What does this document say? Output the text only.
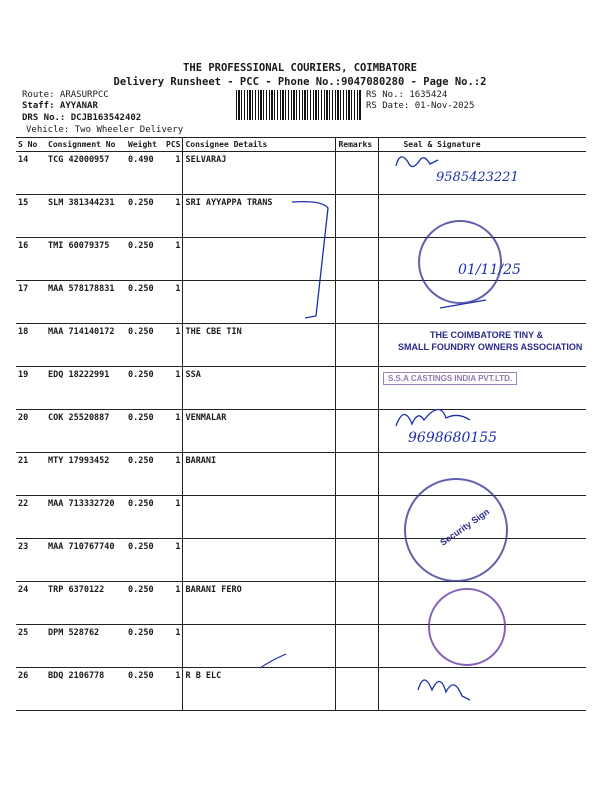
THE PROFESSIONAL COURIERS, COIMBATORE
Delivery Runsheet - PCC - Phone No.:9047080280 - Page No.:2
Route: ARASURPCC
Staff: AYYANAR
DRS No.: DCJB163542402
Vehicle: Two Wheeler Delivery
RS No.: 1635424
RS Date: 01-Nov-2025
S No	Consignment No	Weight	PCS	Consignee Details	Remarks	Seal & Signature
14	TCG 42000957	0.490	1	SELVARAJ		
15	SLM 381344231	0.250	1	SRI AYYAPPA TRANS		
16	TMI 60079375	0.250	1			
17	MAA 578178831	0.250	1			
18	MAA 714140172	0.250	1	THE CBE TIN		
19	EDQ 18222991	0.250	1	SSA		
20	COK 25520887	0.250	1	VENMALAR		
21	MTY 17993452	0.250	1	BARANI		
22	MAA 713332720	0.250	1			
23	MAA 710767740	0.250	1			
24	TRP 6370122	0.250	1	BARANI FERO		
25	DPM 528762	0.250	1			
26	BDQ 2106778	0.250	1	R B ELC		
9585423221
01/11/25
9698680155
THE COIMBATORE TINY &
SMALL FOUNDRY OWNERS ASSOCIATION
S.S.A CASTINGS INDIA PVT.LTD.
Security Sign
